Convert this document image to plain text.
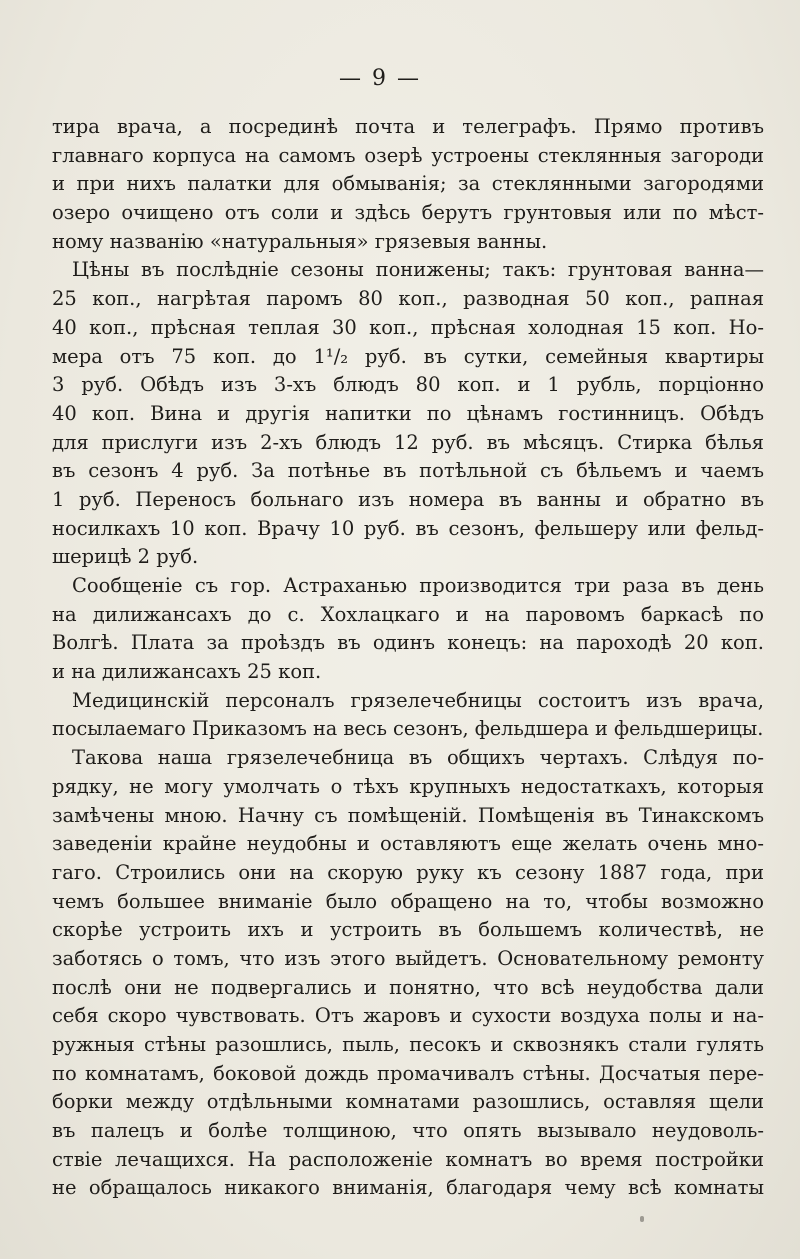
— 9 —
тира врача, а посрединѣ почта и телеграфъ. Прямо противъ
главнаго корпуса на самомъ озерѣ устроены стеклянныя загороди
и при нихъ палатки для обмыванія; за стеклянными загородями
озеро очищено отъ соли и здѣсь берутъ грунтовыя или по мѣст-
ному названію «натуральныя» грязевыя ванны.
Цѣны въ послѣдніе сезоны понижены; такъ: грунтовая ванна—
25 коп., нагрѣтая паромъ 80 коп., разводная 50 коп., рапная
40 коп., прѣсная теплая 30 коп., прѣсная холодная 15 коп. Но-
мера отъ 75 коп. до 1¹/₂ руб. въ сутки, семейныя квартиры
3 руб. Обѣдъ изъ 3-хъ блюдъ 80 коп. и 1 рубль, порціонно
40 коп. Вина и другія напитки по цѣнамъ гостинницъ. Обѣдъ
для прислуги изъ 2-хъ блюдъ 12 руб. въ мѣсяцъ. Стирка бѣлья
въ сезонъ 4 руб. За потѣнье въ потѣльной съ бѣльемъ и чаемъ
1 руб. Переносъ больнаго изъ номера въ ванны и обратно въ
носилкахъ 10 коп. Врачу 10 руб. въ сезонъ, фельшеру или фельд-
шерицѣ 2 руб.
Сообщеніе съ гор. Астраханью производится три раза въ день
на дилижансахъ до с. Хохлацкаго и на паровомъ баркасѣ по
Волгѣ. Плата за проѣздъ въ одинъ конецъ: на пароходѣ 20 коп.
и на дилижансахъ 25 коп.
Медицинскій персоналъ грязелечебницы состоитъ изъ врача,
посылаемаго Приказомъ на весь сезонъ, фельдшера и фельдшерицы.
Такова наша грязелечебница въ общихъ чертахъ. Слѣдуя по-
рядку, не могу умолчать о тѣхъ крупныхъ недостаткахъ, которыя
замѣчены мною. Начну съ помѣщеній. Помѣщенія въ Тинакскомъ
заведеніи крайне неудобны и оставляютъ еще желать очень мно-
гаго. Строились они на скорую руку къ сезону 1887 года, при
чемъ большее вниманіе было обращено на то, чтобы возможно
скорѣе устроить ихъ и устроить въ большемъ количествѣ, не
заботясь о томъ, что изъ этого выйдетъ. Основательному ремонту
послѣ они не подвергались и понятно, что всѣ неудобства дали
себя скоро чувствовать. Отъ жаровъ и сухости воздуха полы и на-
ружныя стѣны разошлись, пыль, песокъ и сквознякъ стали гулять
по комнатамъ, боковой дождь промачивалъ стѣны. Досчатыя пере-
борки между отдѣльными комнатами разошлись, оставляя щели
въ палецъ и болѣе толщиною, что опять вызывало неудоволь-
ствіе лечащихся. На расположеніе комнатъ во время постройки
не обращалось никакого вниманія, благодаря чему всѣ комнаты
